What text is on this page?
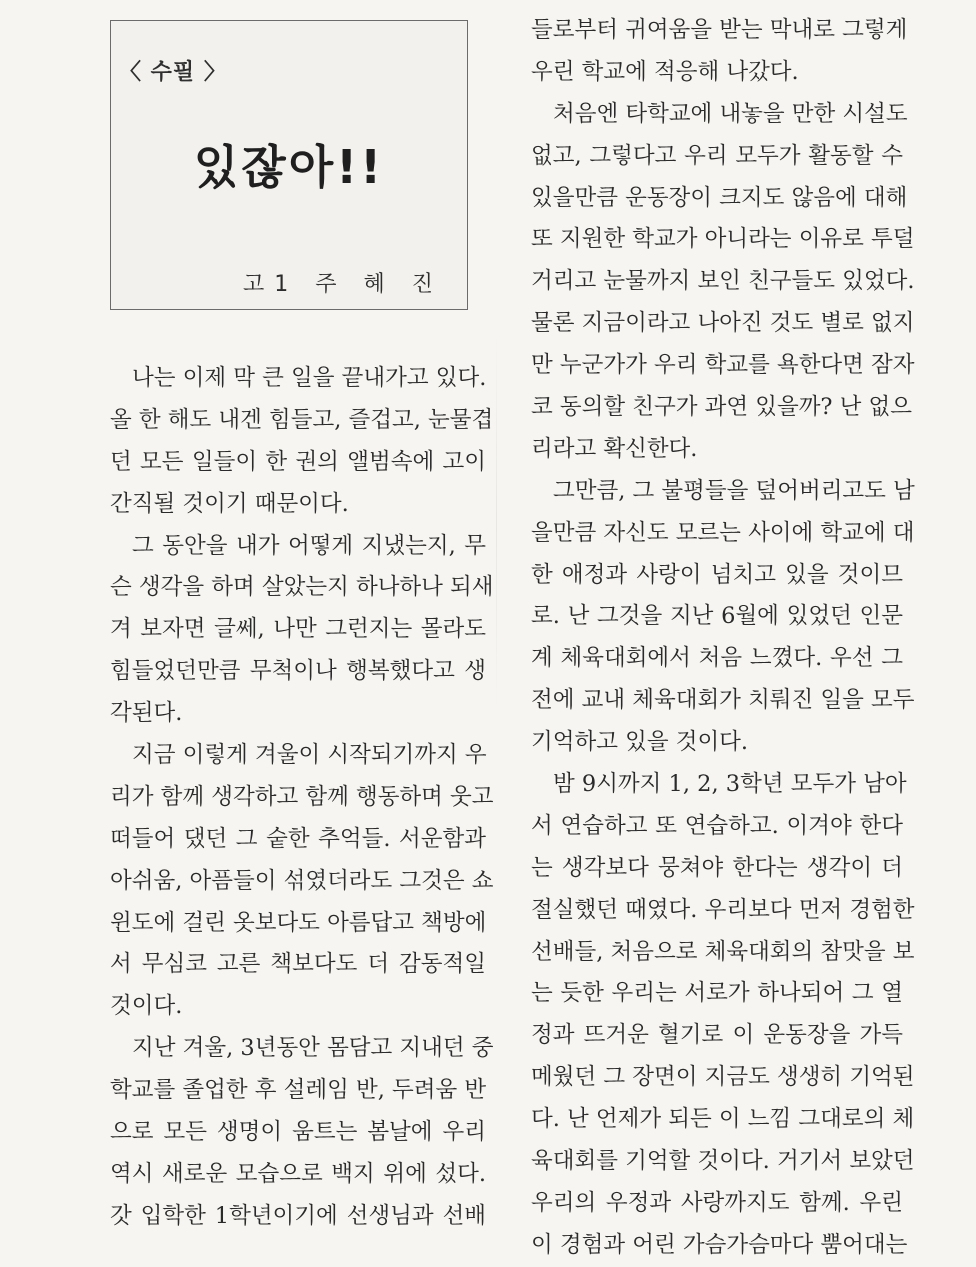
〈 수필 〉
있잖아!!
고1 주 혜 진
나는 이제 막 큰 일을 끝내가고 있다.
올 한 해도 내겐 힘들고, 즐겁고, 눈물겹
던 모든 일들이 한 권의 앨범속에 고이
간직될 것이기 때문이다.
그 동안을 내가 어떻게 지냈는지, 무
슨 생각을 하며 살았는지 하나하나 되새
겨 보자면 글쎄, 나만 그런지는 몰라도
힘들었던만큼 무척이나 행복했다고 생
각된다.
지금 이렇게 겨울이 시작되기까지 우
리가 함께 생각하고 함께 행동하며 웃고
떠들어 댔던 그 숱한 추억들. 서운함과
아쉬움, 아픔들이 섞였더라도 그것은 쇼
윈도에 걸린 옷보다도 아름답고 책방에
서 무심코 고른 책보다도 더 감동적일
것이다.
지난 겨울, 3년동안 몸담고 지내던 중
학교를 졸업한 후 설레임 반, 두려움 반
으로 모든 생명이 움트는 봄날에 우리
역시 새로운 모습으로 백지 위에 섰다.
갓 입학한 1학년이기에 선생님과 선배
들로부터 귀여움을 받는 막내로 그렇게
우린 학교에 적응해 나갔다.
처음엔 타학교에 내놓을 만한 시설도
없고, 그렇다고 우리 모두가 활동할 수
있을만큼 운동장이 크지도 않음에 대해
또 지원한 학교가 아니라는 이유로 투덜
거리고 눈물까지 보인 친구들도 있었다.
물론 지금이라고 나아진 것도 별로 없지
만 누군가가 우리 학교를 욕한다면 잠자
코 동의할 친구가 과연 있을까? 난 없으
리라고 확신한다.
그만큼, 그 불평들을 덮어버리고도 남
을만큼 자신도 모르는 사이에 학교에 대
한 애정과 사랑이 넘치고 있을 것이므
로. 난 그것을 지난 6월에 있었던 인문
계 체육대회에서 처음 느꼈다. 우선 그
전에 교내 체육대회가 치뤄진 일을 모두
기억하고 있을 것이다.
밤 9시까지 1, 2, 3학년 모두가 남아
서 연습하고 또 연습하고. 이겨야 한다
는 생각보다 뭉쳐야 한다는 생각이 더
절실했던 때였다. 우리보다 먼저 경험한
선배들, 처음으로 체육대회의 참맛을 보
는 듯한 우리는 서로가 하나되어 그 열
정과 뜨거운 혈기로 이 운동장을 가득
메웠던 그 장면이 지금도 생생히 기억된
다. 난 언제가 되든 이 느낌 그대로의 체
육대회를 기억할 것이다. 거기서 보았던
우리의 우정과 사랑까지도 함께. 우린
이 경험과 어린 가슴가슴마다 뿜어대는
